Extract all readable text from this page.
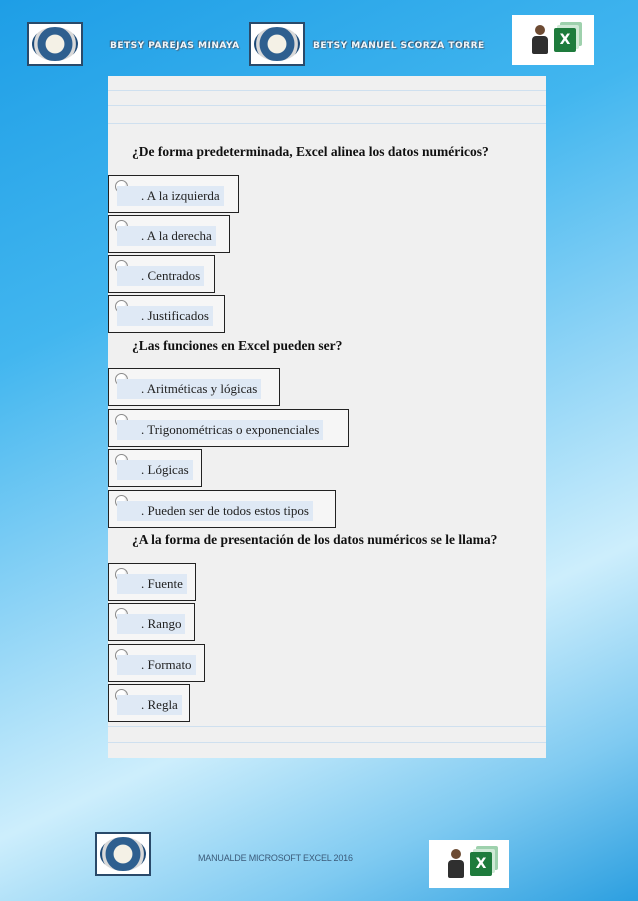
BETSY PAREJAS MINAYA	BETSY MANUEL SCORZA TORRE	X
¿De forma predeterminada, Excel alinea los datos numéricos?
. A la izquierda
. A la derecha
. Centrados
. Justificados
¿Las funciones en Excel pueden ser?
. Aritméticas y lógicas
. Trigonométricas o exponenciales
. Lógicas
. Pueden ser de todos estos tipos
¿A la forma de presentación de los datos numéricos se le llama?
. Fuente
. Rango
. Formato
. Regla
MANUALDE MICROSOFT EXCEL 2016	X
